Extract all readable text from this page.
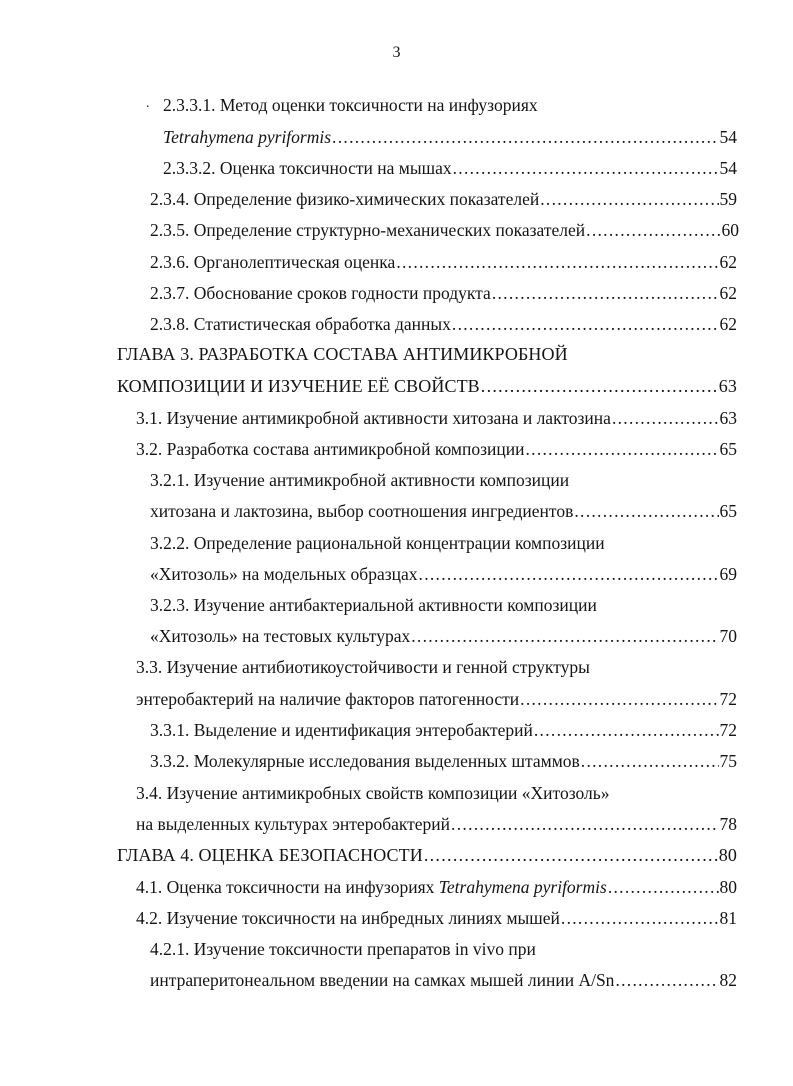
3
. 2.3.3.1. Метод оценки токсичности на инфузориях
Tetrahymena pyriformis .....	54
2.3.3.2. Оценка токсичности на мышах .....	54
2.3.4. Определение физико-химических показателей .....	59
2.3.5. Определение структурно-механических показателей .....	60
2.3.6. Органолептическая оценка .....	62
2.3.7. Обоснование сроков годности продукта .....	62
2.3.8. Статистическая обработка данных .....	62
ГЛАВА 3. РАЗРАБОТКА СОСТАВА АНТИМИКРОБНОЙ
КОМПОЗИЦИИ И ИЗУЧЕНИЕ ЕЁ СВОЙСТВ .....	63
3.1. Изучение антимикробной активности хитозана и лактозина .....	63
3.2. Разработка состава антимикробной композиции .....	65
3.2.1. Изучение антимикробной активности композиции
хитозана и лактозина, выбор соотношения ингредиентов .....	65
3.2.2. Определение рациональной концентрации композиции
«Хитозоль» на модельных образцах .....	69
3.2.3. Изучение антибактериальной активности композиции
«Хитозоль» на тестовых культурах .....	70
3.3. Изучение антибиотикоустойчивости и генной структуры
энтеробактерий на наличие факторов патогенности .....	72
3.3.1. Выделение и идентификация энтеробактерий .....	72
3.3.2. Молекулярные исследования выделенных штаммов .....	75
3.4. Изучение антимикробных свойств композиции «Хитозоль»
на выделенных культурах энтеробактерий .....	78
ГЛАВА 4. ОЦЕНКА БЕЗОПАСНОСТИ .....	80
4.1. Оценка токсичности на инфузориях Tetrahymena pyriformis .....	80
4.2. Изучение токсичности на инбредных линиях мышей .....	81
4.2.1. Изучение токсичности препаратов in vivo при
интраперитонеальном введении на самках мышей линии A/Sn .....	82
